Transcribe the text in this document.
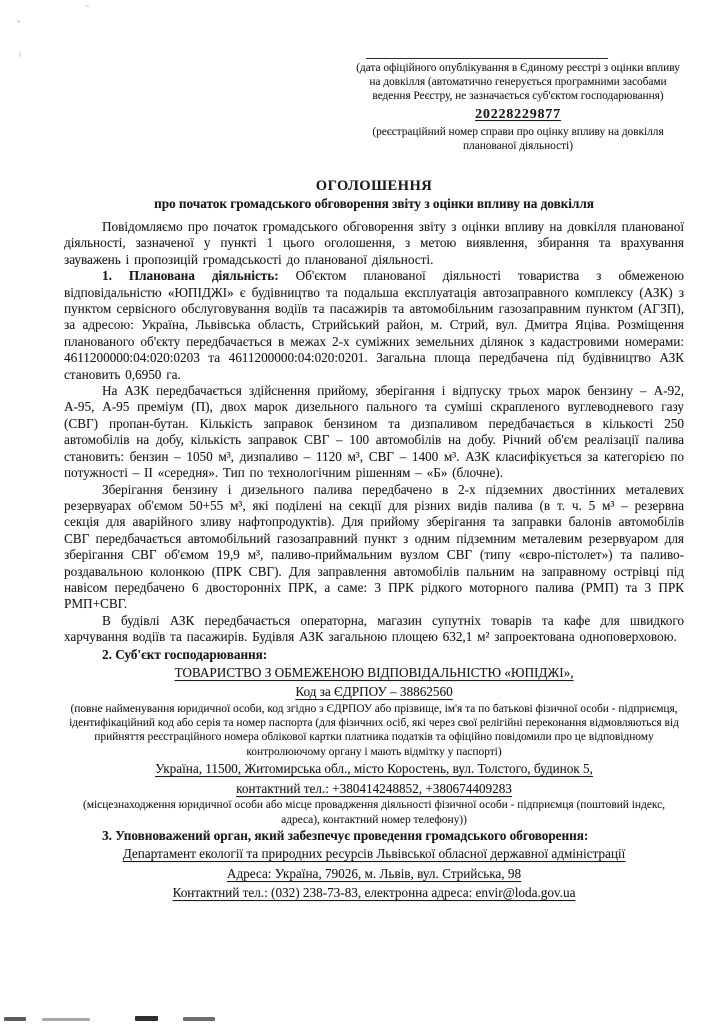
(дата офіційного опублікування в Єдиному реєстрі з оцінки впливу на довкілля (автоматично генерується програмними засобами ведення Реєстру, не зазначається суб'єктом господарювання)
20228229877
(реєстраційний номер справи про оцінку впливу на довкілля планованої діяльності)
ОГОЛОШЕННЯ
про початок громадського обговорення звіту з оцінки впливу на довкілля

Повідомляємо про початок громадського обговорення звіту з оцінки впливу на довкілля планованої діяльності, зазначеної у пункті 1 цього оголошення, з метою виявлення, збирання та врахування зауважень і пропозицій громадськості до планованої діяльності.

1. Планована діяльність: Об'єктом планованої діяльності товариства з обмеженою відповідальністю «ЮПІДЖІ» є будівництво та подальша експлуатація автозаправного комплексу (АЗК) з пунктом сервісного обслуговування водіїв та пасажирів та автомобільним газозаправним пунктом (АГЗП), за адресою: Україна, Львівська область, Стрийський район, м. Стрий, вул. Дмитра Яціва. Розміщення планованого об'єкту передбачається в межах 2-х суміжних земельних ділянок з кадастровими номерами: 4611200000:04:020:0203 та 4611200000:04:020:0201. Загальна площа передбачена під будівництво АЗК становить 0,6950 га.

На АЗК передбачається здійснення прийому, зберігання і відпуску трьох марок бензину – А-92, А-95, А-95 преміум (П), двох марок дизельного пального та суміші скрапленого вуглеводневого газу (СВГ) пропан-бутан. Кількість заправок бензином та дизпаливом передбачається в кількості 250 автомобілів на добу, кількість заправок СВГ – 100 автомобілів на добу. Річний об'єм реалізації палива становить: бензин – 1050 м³, дизпаливо – 1120 м³, СВГ – 1400 м³. АЗК класифікується за категорією по потужності – ІІ «середня». Тип по технологічним рішенням – «Б» (блочне).

Зберігання бензину і дизельного палива передбачено в 2-х підземних двостінних металевих резервуарах об'ємом 50+55 м³, які поділені на секції для різних видів палива (в т. ч. 5 м³ – резервна секція для аварійного зливу нафтопродуктів). Для прийому зберігання та заправки балонів автомобілів СВГ передбачається автомобільний газозаправний пункт з одним підземним металевим резервуаром для зберігання СВГ об'ємом 19,9 м³, паливо-приймальним вузлом СВГ (типу «євро-пістолет») та паливо-роздавальною колонкою (ПРК СВГ). Для заправлення автомобілів пальним на заправному острівці під навісом передбачено 6 двосторонніх ПРК, а саме: 3 ПРК рідкого моторного палива (РМП) та 3 ПРК РМП+СВГ.

В будівлі АЗК передбачається операторна, магазин супутніх товарів та кафе для швидкого харчування водіїв та пасажирів. Будівля АЗК загальною площею 632,1 м² запроектована одноповерховою.

2. Суб'єкт господарювання:

ТОВАРИСТВО З ОБМЕЖЕНОЮ ВІДПОВІДАЛЬНІСТЮ «ЮПІДЖІ»,

Код за ЄДРПОУ – 38862560

(повне найменування юридичної особи, код згідно з ЄДРПОУ або прізвище, ім'я та по батькові фізичної особи - підприємця, ідентифікаційний код або серія та номер паспорта (для фізичних осіб, які через свої релігійні переконання відмовляються від прийняття реєстраційного номера облікової картки платника податків та офіційно повідомили про це відповідному контролюючому органу і мають відмітку у паспорті)

Україна, 11500, Житомирська обл., місто Коростень, вул. Толстого, будинок 5,

контактний тел.: +380414248852, +380674409283

(місцезнаходження юридичної особи або місце провадження діяльності фізичної особи - підприємця (поштовий індекс, адреса), контактний номер телефону))

3. Уповноважений орган, який забезпечує проведення громадського обговорення:

Департамент екології та природних ресурсів Львівської обласної державної адміністрації

Адреса: Україна, 79026, м. Львів, вул. Стрийська, 98

Контактний тел.: (032) 238-73-83, електронна адреса: envir@loda.gov.ua
